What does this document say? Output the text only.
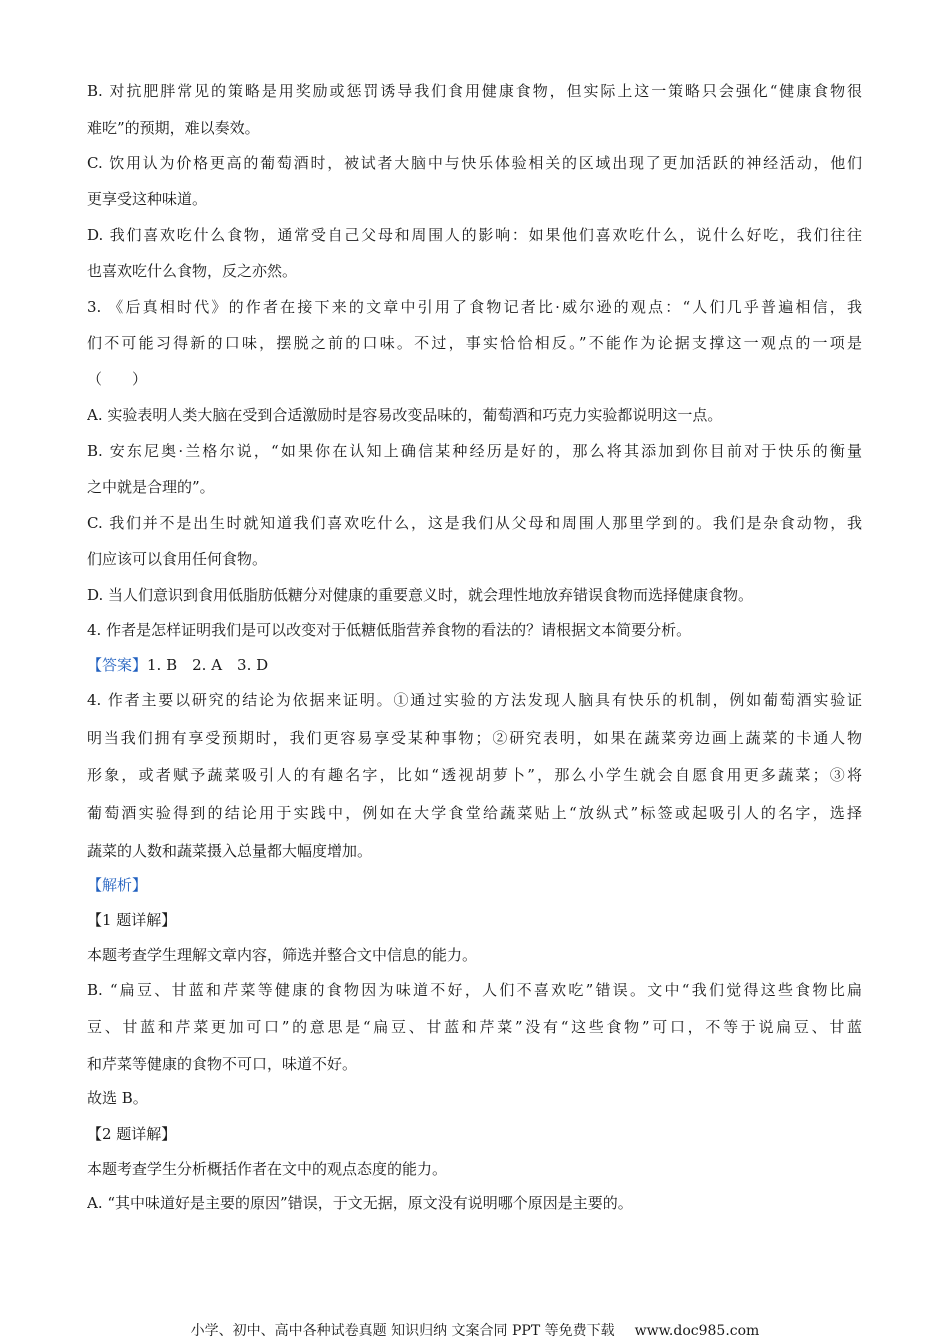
B. 对抗肥胖常见的策略是用奖励或惩罚诱导我们食用健康食物，但实际上这一策略只会强化“健康食物很
难吃”的预期，难以奏效。
C. 饮用认为价格更高的葡萄酒时，被试者大脑中与快乐体验相关的区域出现了更加活跃的神经活动，他们
更享受这种味道。
D. 我们喜欢吃什么食物，通常受自己父母和周围人的影响：如果他们喜欢吃什么，说什么好吃，我们往往
也喜欢吃什么食物，反之亦然。
3. 《后真相时代》的作者在接下来的文章中引用了食物记者比·威尔逊的观点：“人们几乎普遍相信，我
们不可能习得新的口味，摆脱之前的口味。不过，事实恰恰相反。”不能作为论据支撑这一观点的一项是
（　　）
A. 实验表明人类大脑在受到合适激励时是容易改变品味的，葡萄酒和巧克力实验都说明这一点。
B. 安东尼奥·兰格尔说，“如果你在认知上确信某种经历是好的，那么将其添加到你目前对于快乐的衡量
之中就是合理的”。
C. 我们并不是出生时就知道我们喜欢吃什么，这是我们从父母和周围人那里学到的。我们是杂食动物，我
们应该可以食用任何食物。
D. 当人们意识到食用低脂肪低糖分对健康的重要意义时，就会理性地放弃错误食物而选择健康食物。
4. 作者是怎样证明我们是可以改变对于低糖低脂营养食物的看法的？请根据文本简要分析。
【答案】1. B　2. A　3. D
4. 作者主要以研究的结论为依据来证明。①通过实验的方法发现人脑具有快乐的机制，例如葡萄酒实验证
明当我们拥有享受预期时，我们更容易享受某种事物；②研究表明，如果在蔬菜旁边画上蔬菜的卡通人物
形象，或者赋予蔬菜吸引人的有趣名字，比如“透视胡萝卜”，那么小学生就会自愿食用更多蔬菜；③将
葡萄酒实验得到的结论用于实践中，例如在大学食堂给蔬菜贴上“放纵式”标签或起吸引人的名字，选择
蔬菜的人数和蔬菜摄入总量都大幅度增加。
【解析】
【1 题详解】
本题考查学生理解文章内容，筛选并整合文中信息的能力。
B. “扁豆、甘蓝和芹菜等健康的食物因为味道不好，人们不喜欢吃”错误。文中“我们觉得这些食物比扁
豆、甘蓝和芹菜更加可口”的意思是“扁豆、甘蓝和芹菜”没有“这些食物”可口，不等于说扁豆、甘蓝
和芹菜等健康的食物不可口，味道不好。
故选 B。
【2 题详解】
本题考查学生分析概括作者在文中的观点态度的能力。
A. “其中味道好是主要的原因”错误，于文无据，原文没有说明哪个原因是主要的。
小学、初中、高中各种试卷真题 知识归纳 文案合同 PPT 等免费下载 www.doc985.com
